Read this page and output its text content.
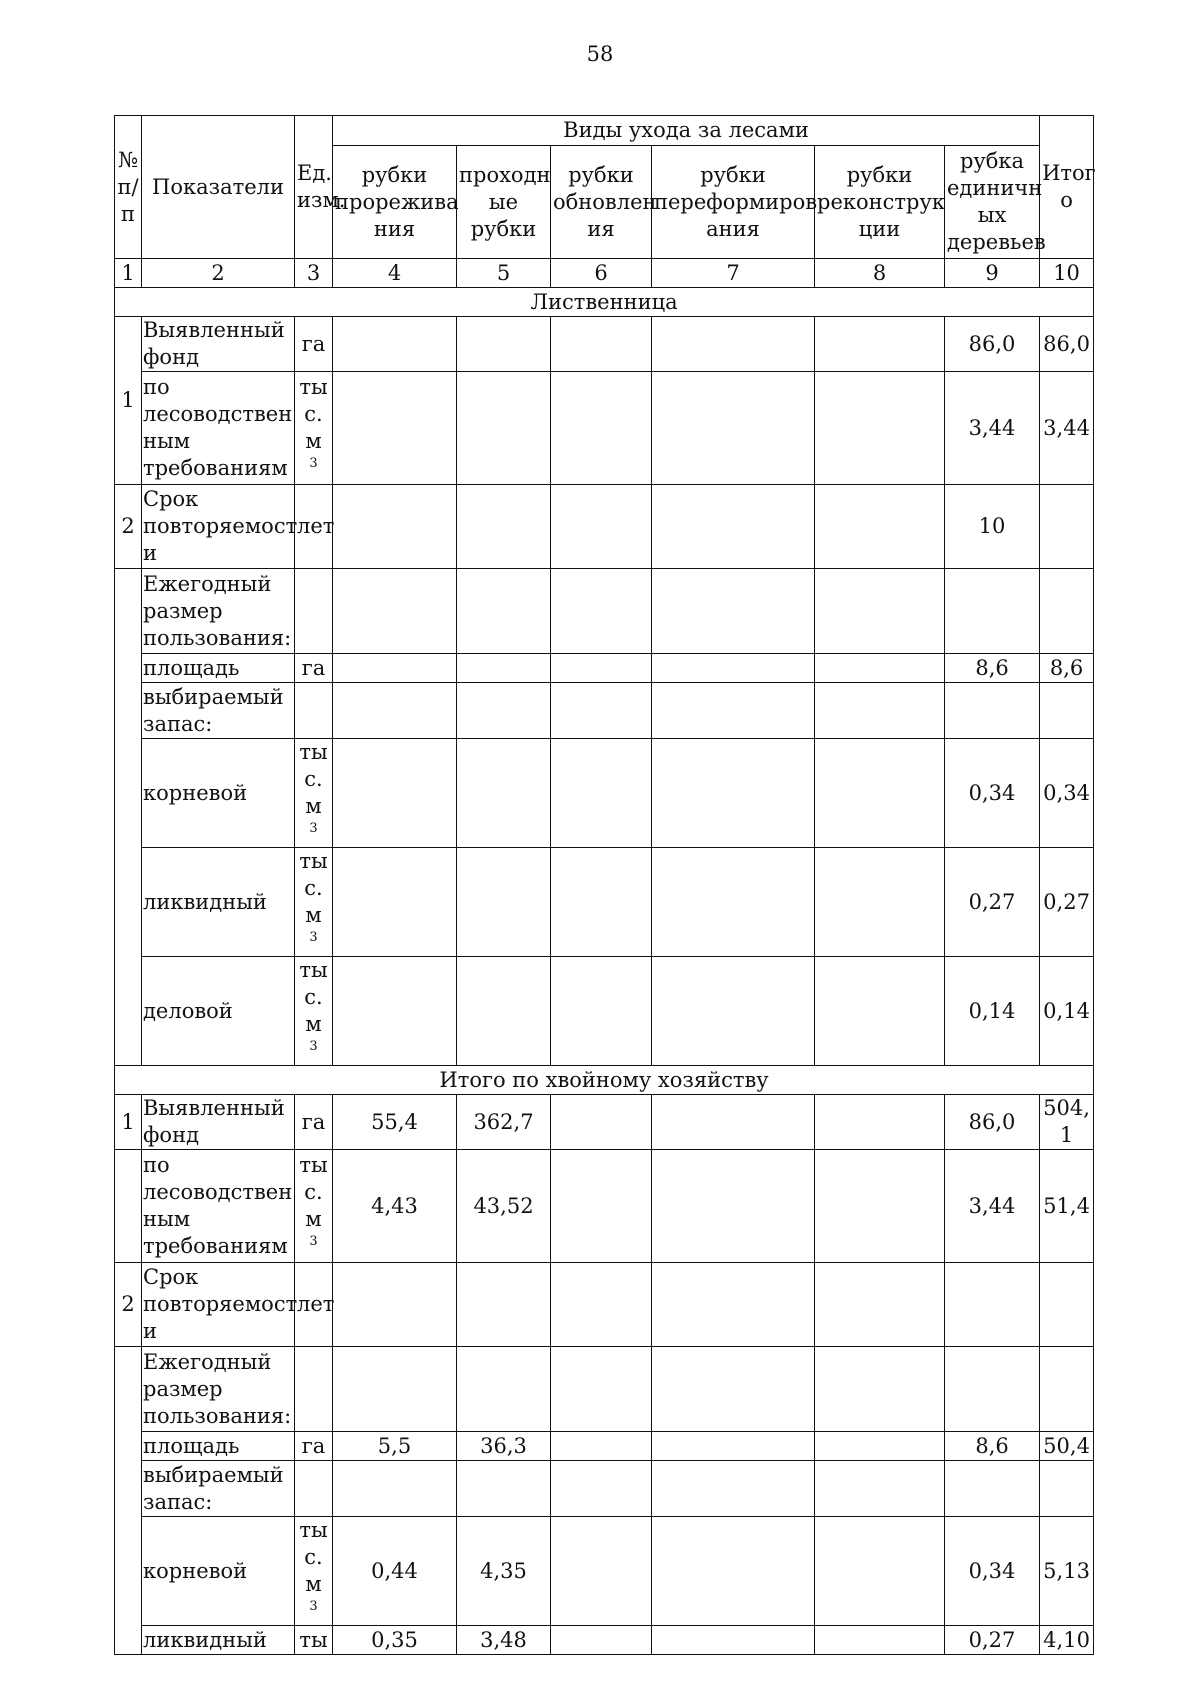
58
№ п/п	Показатели	Ед. изм.	Виды ухода за лесами						Итог о
			рубки прорежива ния	проходн ые рубки	рубки обновлен ия	рубки переформиров ания	рубки реконструк ции	рубка единичн ых деревьев	
1	2	3	4	5	6	7	8	9	10
Лиственница									
1	Выявленный фонд	га						86,0	86,0
	по лесоводствен ным требованиям	ты с. $м^3$						3,44	3,44
2	Срок повторяемост и	лет						10	
	Ежегодный размер пользования:								
	площадь	га						8,6	8,6
	выбираемый запас:								
	корневой	ты с. $м^3$						0,34	0,34
	ликвидный	ты с. $м^3$						0,27	0,27
	деловой	ты с. $м^3$						0,14	0,14
Итого по хвойному хозяйству									
1	Выявленный фонд	га	55,4	362,7				86,0	504, 1
	по лесоводствен ным требованиям	ты с. $м^3$	4,43	43,52				3,44	51,4
2	Срок повторяемост и	лет							
	Ежегодный размер пользования:								
	площадь	га	5,5	36,3				8,6	50,4
	выбираемый запас:								
	корневой	ты с. $м^3$	0,44	4,35				0,34	5,13
	ликвидный	ты	0,35	3,48				0,27	4,10
